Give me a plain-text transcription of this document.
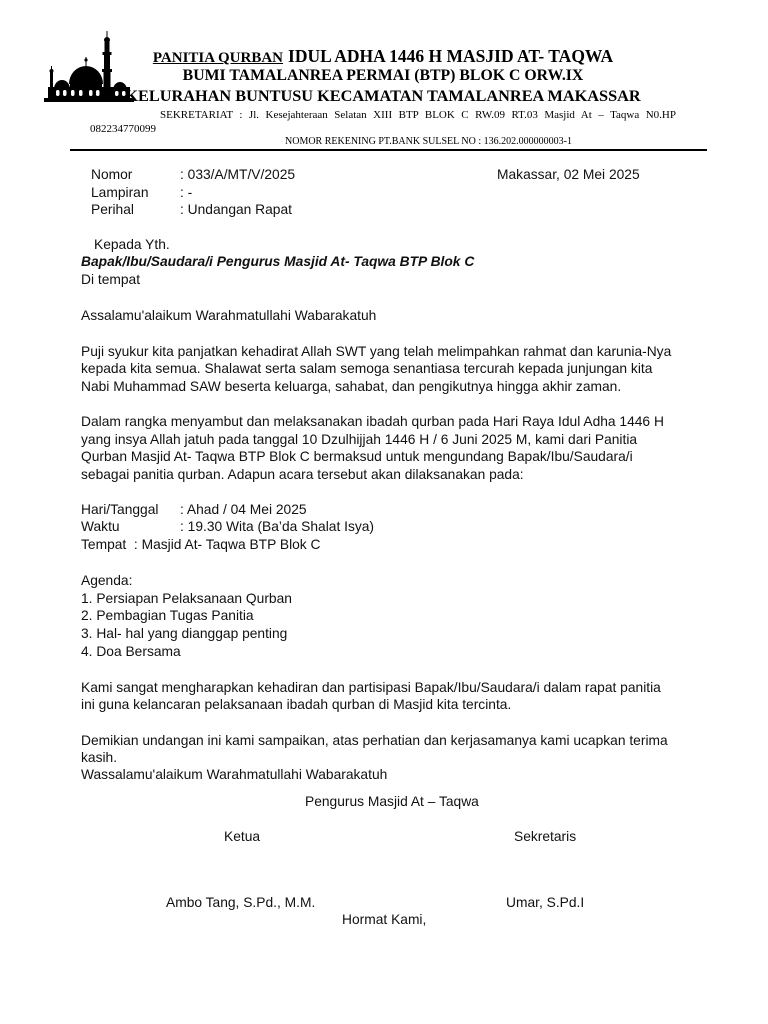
PANITIA QURBAN IDUL ADHA 1446 H MASJID AT- TAQWA
BUMI TAMALANREA PERMAI (BTP) BLOK C ORW.IX
KELURAHAN BUNTUSU KECAMATAN TAMALANREA MAKASSAR
SEKRETARIAT : Jl. Kesejahteraan Selatan XIII BTP BLOK C RW.09 RT.03 Masjid At – Taqwa N0.HP
082234770099
NOMOR REKENING PT.BANK SULSEL NO : 136.202.000000003-1
Nomor	: 033/A/MT/V/2025	Makassar, 02 Mei 2025
Lampiran : -
Perihal	: Undangan Rapat
Kepada Yth.
Bapak/Ibu/Saudara/i Pengurus Masjid At- Taqwa BTP Blok C
Di tempat
Assalamu'alaikum Warahmatullahi Wabarakatuh
Puji syukur kita panjatkan kehadirat Allah SWT yang telah melimpahkan rahmat dan karunia-Nya
kepada kita semua. Shalawat serta salam semoga senantiasa tercurah kepada junjungan kita
Nabi Muhammad SAW beserta keluarga, sahabat, dan pengikutnya hingga akhir zaman.
Dalam rangka menyambut dan melaksanakan ibadah qurban pada Hari Raya Idul Adha 1446 H
yang insya Allah jatuh pada tanggal 10 Dzulhijjah 1446 H / 6 Juni 2025 M, kami dari Panitia
Qurban Masjid At- Taqwa BTP Blok C bermaksud untuk mengundang Bapak/Ibu/Saudara/i
sebagai panitia qurban. Adapun acara tersebut akan dilaksanakan pada:
Hari/Tanggal : Ahad / 04 Mei 2025
Waktu	: 19.30 Wita (Ba’da Shalat Isya)
Tempat  : Masjid At- Taqwa BTP Blok C
Agenda:
1. Persiapan Pelaksanaan Qurban
2. Pembagian Tugas Panitia
3. Hal- hal yang dianggap penting
4. Doa Bersama
Kami sangat mengharapkan kehadiran dan partisipasi Bapak/Ibu/Saudara/i dalam rapat panitia
ini guna kelancaran pelaksanaan ibadah qurban di Masjid kita tercinta.
Demikian undangan ini kami sampaikan, atas perhatian dan kerjasamanya kami ucapkan terima
kasih.
Wassalamu'alaikum Warahmatullahi Wabarakatuh
Pengurus Masjid At – Taqwa
Ketua	Sekretaris
Ambo Tang, S.Pd., M.M.	Umar, S.Pd.I
Hormat Kami,
